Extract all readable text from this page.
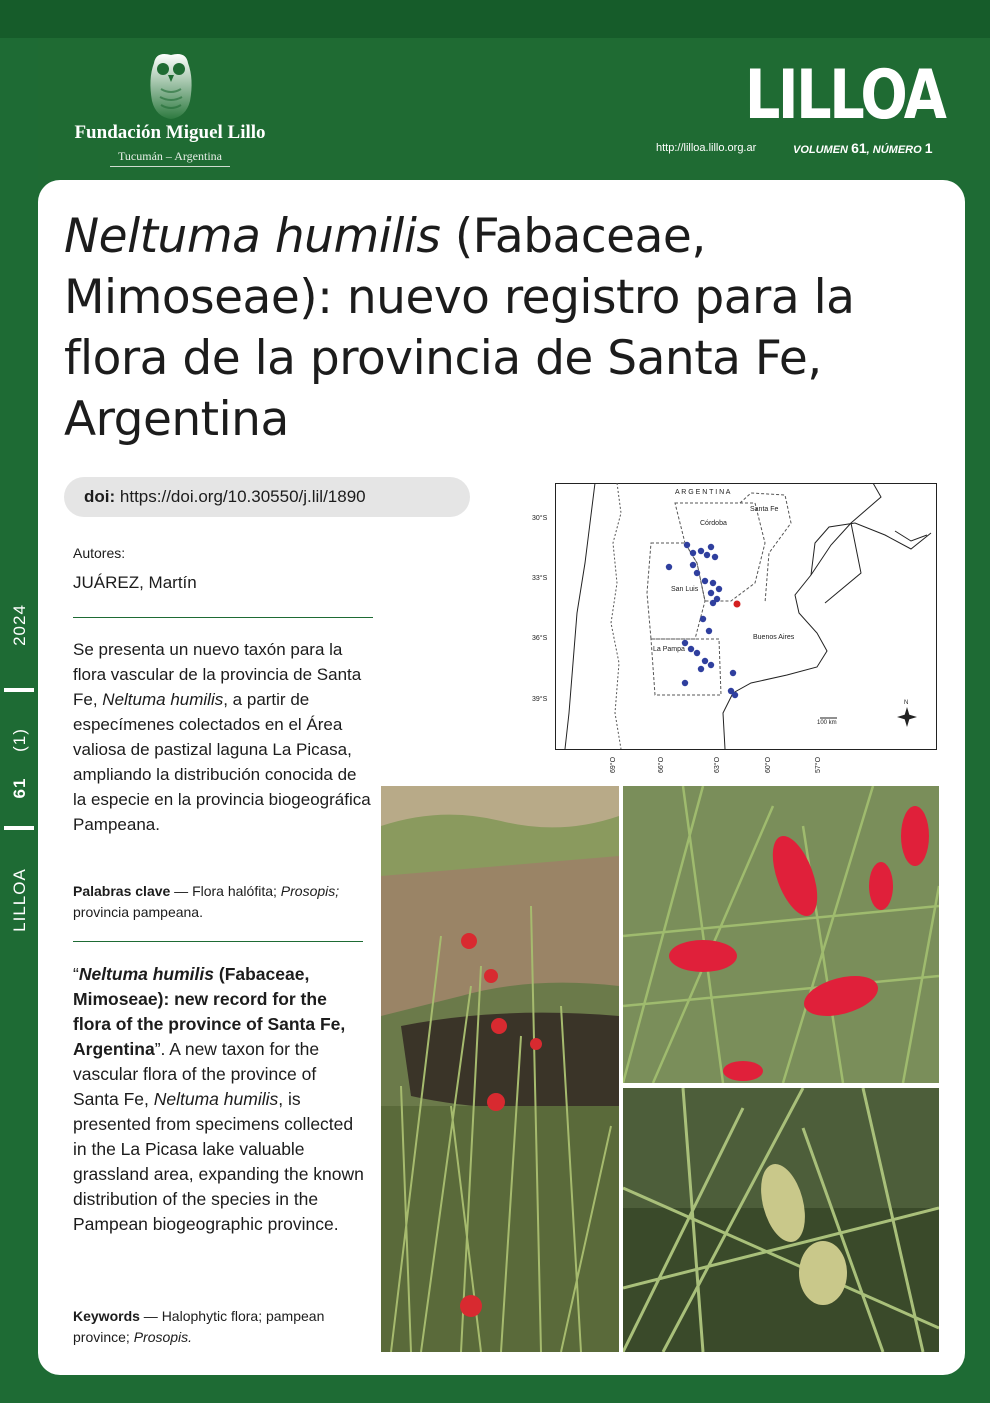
Fundación Miguel Lillo
Tucumán – Argentina
LILLOA
http://lilloa.lillo.org.ar	VOLUMEN 61, NÚMERO 1
2024
(1)
61
LILLOA
Neltuma humilis (Fabaceae,
Mimoseae): nuevo registro para la
flora de la provincia de Santa Fe,
Argentina
doi: https://doi.org/10.30550/j.lil/1890
Autores:
JUÁREZ, Martín
Se presenta un nuevo taxón para la flora vascular de la provincia de Santa Fe, Neltuma humilis, a partir de especímenes colectados en el Área valiosa de pastizal laguna La Picasa, ampliando la distribución conocida de la especie en la provincia biogeográfica Pampeana.
Palabras clave — Flora halófita; Prosopis; provincia pampeana.
“Neltuma humilis (Fabaceae, Mimoseae): new record for the flora of the province of Santa Fe, Argentina”. A new taxon for the vascular flora of the province of Santa Fe, Neltuma humilis, is presented from specimens collected in the La Picasa lake valuable grassland area, expanding the known distribution of the species in the Pampean biogeographic province.
Keywords — Halophytic flora; pampean province; Prosopis.
A R G E N T I N A
Córdoba
Santa Fe
San Luis
Buenos Aires
La Pampa
100 km
N
30°S
33°S
36°S
39°S
69°O	66°O	63°O	60°O	57°O
